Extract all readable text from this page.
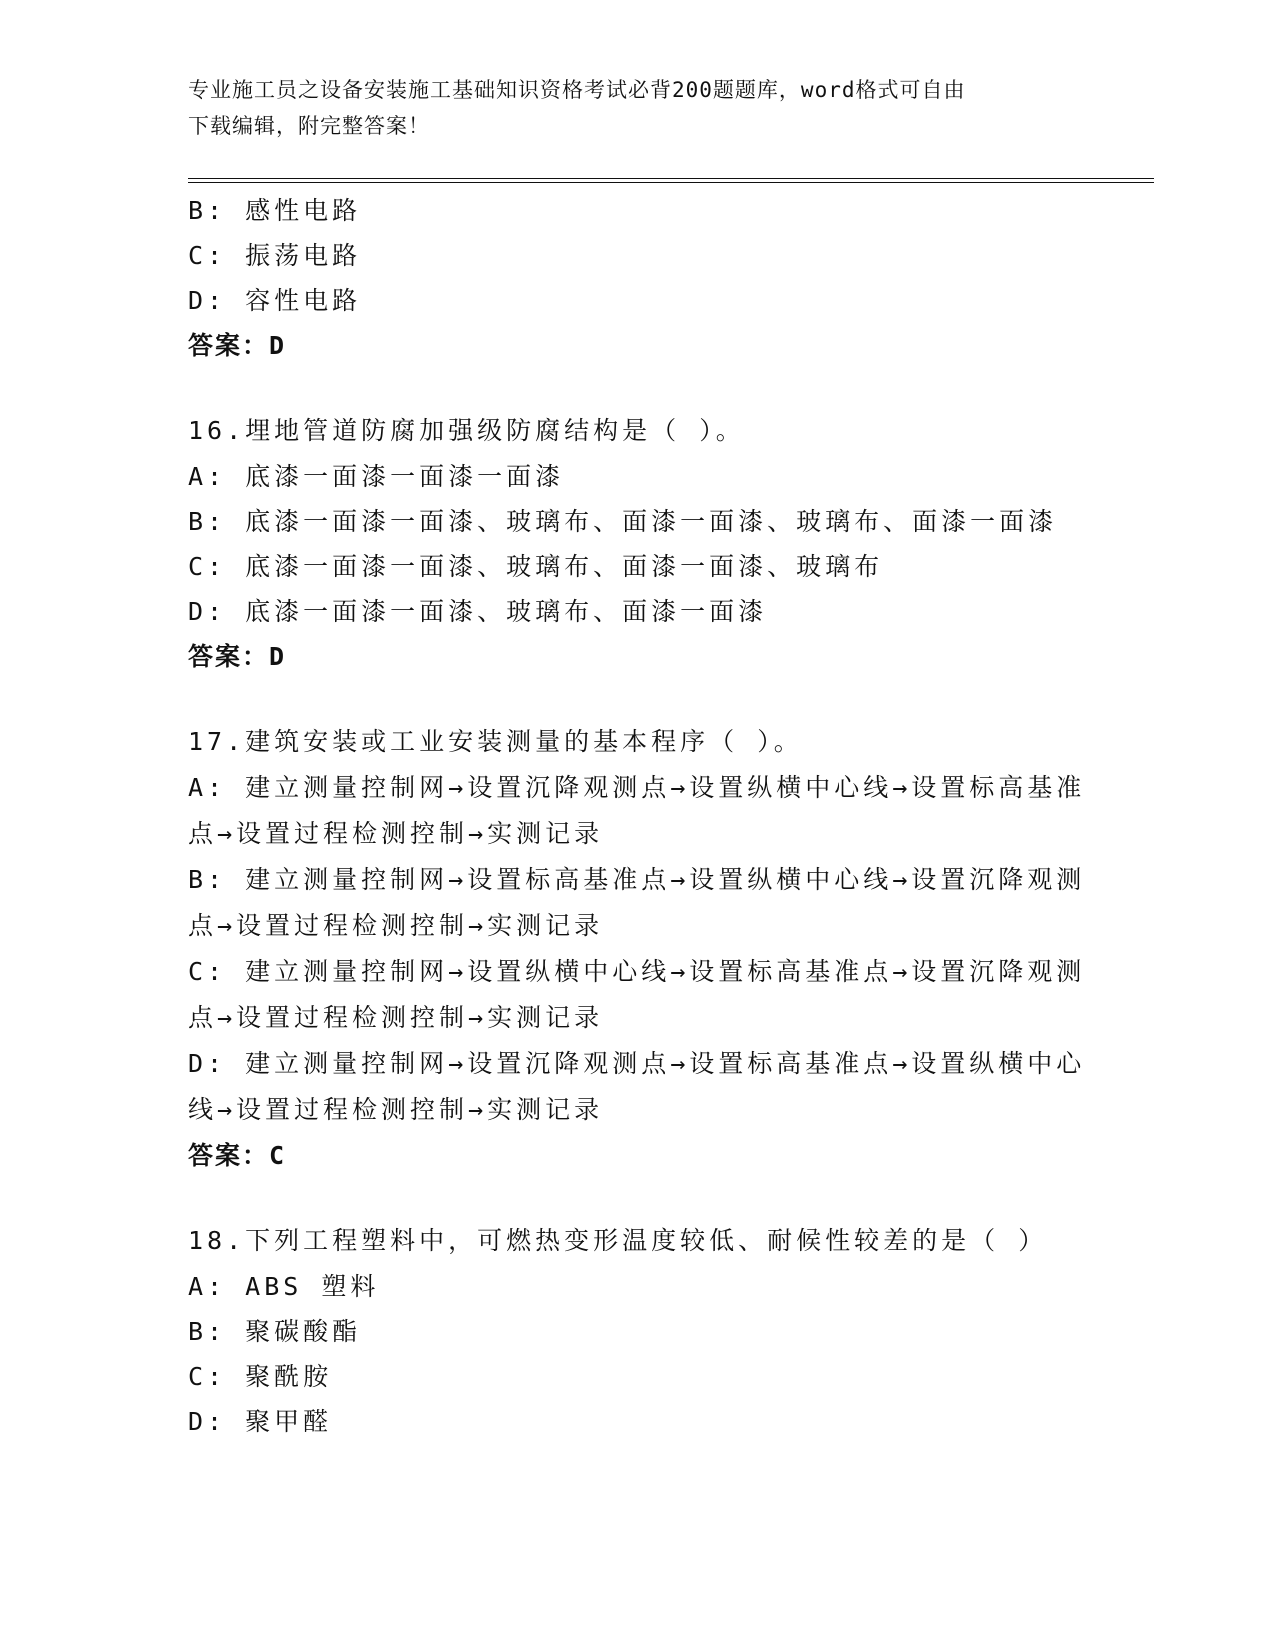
专业施工员之设备安装施工基础知识资格考试必背200题题库，word格式可自由
下载编辑，附完整答案！
B: 感性电路
C: 振荡电路
D: 容性电路
答案：D
16.埋地管道防腐加强级防腐结构是（ ）。
A: 底漆一面漆一面漆一面漆
B: 底漆一面漆一面漆、玻璃布、面漆一面漆、玻璃布、面漆一面漆
C: 底漆一面漆一面漆、玻璃布、面漆一面漆、玻璃布
D: 底漆一面漆一面漆、玻璃布、面漆一面漆
答案：D
17.建筑安装或工业安装测量的基本程序（ ）。
A: 建立测量控制网→设置沉降观测点→设置纵横中心线→设置标高基准点→设置过程检测控制→实测记录
B: 建立测量控制网→设置标高基准点→设置纵横中心线→设置沉降观测点→设置过程检测控制→实测记录
C: 建立测量控制网→设置纵横中心线→设置标高基准点→设置沉降观测点→设置过程检测控制→实测记录
D: 建立测量控制网→设置沉降观测点→设置标高基准点→设置纵横中心线→设置过程检测控制→实测记录
答案：C
18.下列工程塑料中，可燃热变形温度较低、耐候性较差的是（ ）
A: ABS 塑料
B: 聚碳酸酯
C: 聚酰胺
D: 聚甲醛
